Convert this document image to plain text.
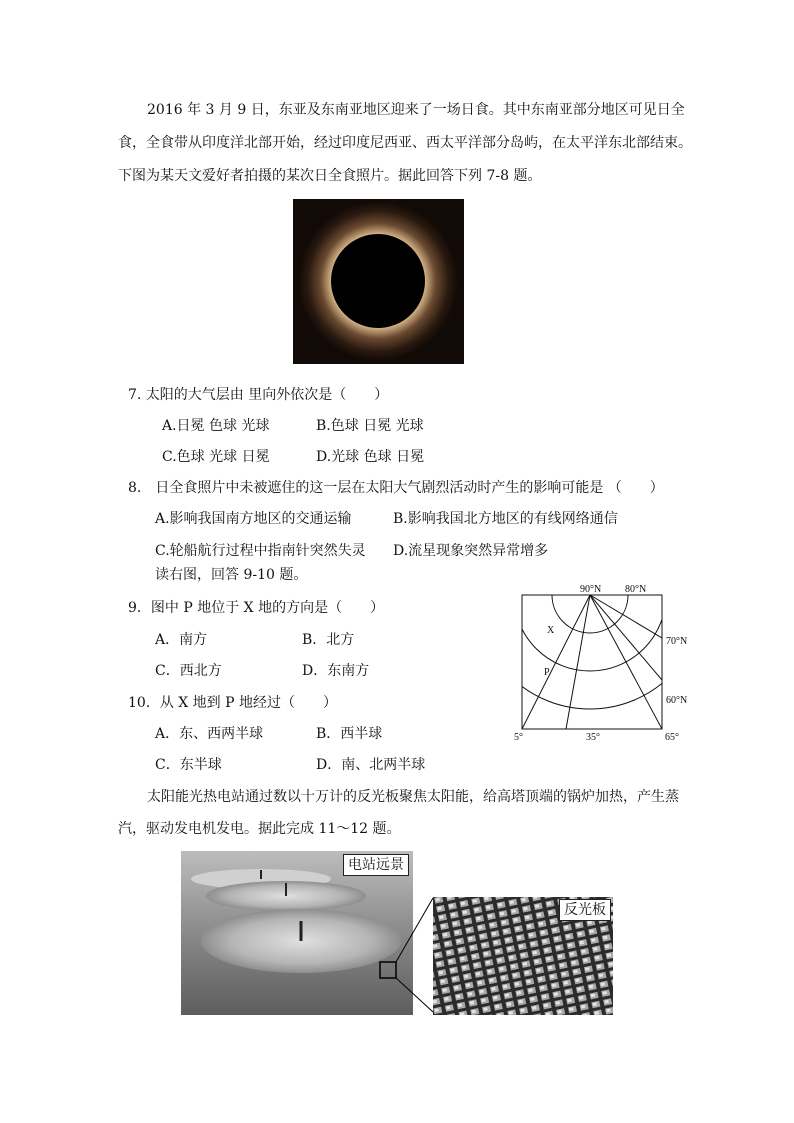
2016 年 3 月 9 日，东亚及东南亚地区迎来了一场日食。其中东南亚部分地区可见日全
食，全食带从印度洋北部开始，经过印度尼西亚、西太平洋部分岛屿，在太平洋东北部结束。
下图为某天文爱好者拍摄的某次日全食照片。据此回答下列 7-8 题。
7. 太阳的大气层由 里向外依次是（　　）
A.日冕 色球 光球	B.色球 日冕 光球
C.色球 光球 日冕	D.光球 色球 日冕
8.　日全食照片中未被遮住的这一层在太阳大气剧烈活动时产生的影响可能是 （　　）
A.影响我国南方地区的交通运输	B.影响我国北方地区的有线网络通信
C.轮船航行过程中指南针突然失灵 D.流星现象突然异常增多
读右图，回答 9-10 题。
9．图中 P 地位于 X 地的方向是（　　）
A．南方	B．北方
C．西北方	D．东南方
10．从 X 地到 P 地经过（　　）
A．东、西两半球	B．西半球
C．东半球	D．南、北两半球
90°N 80°N
70°N
60°N
5°	35°	65°
X
P
太阳能光热电站通过数以十万计的反光板聚焦太阳能，给高塔顶端的锅炉加热，产生蒸
汽，驱动发电机发电。据此完成 11～12 题。
电站远景
反光板
